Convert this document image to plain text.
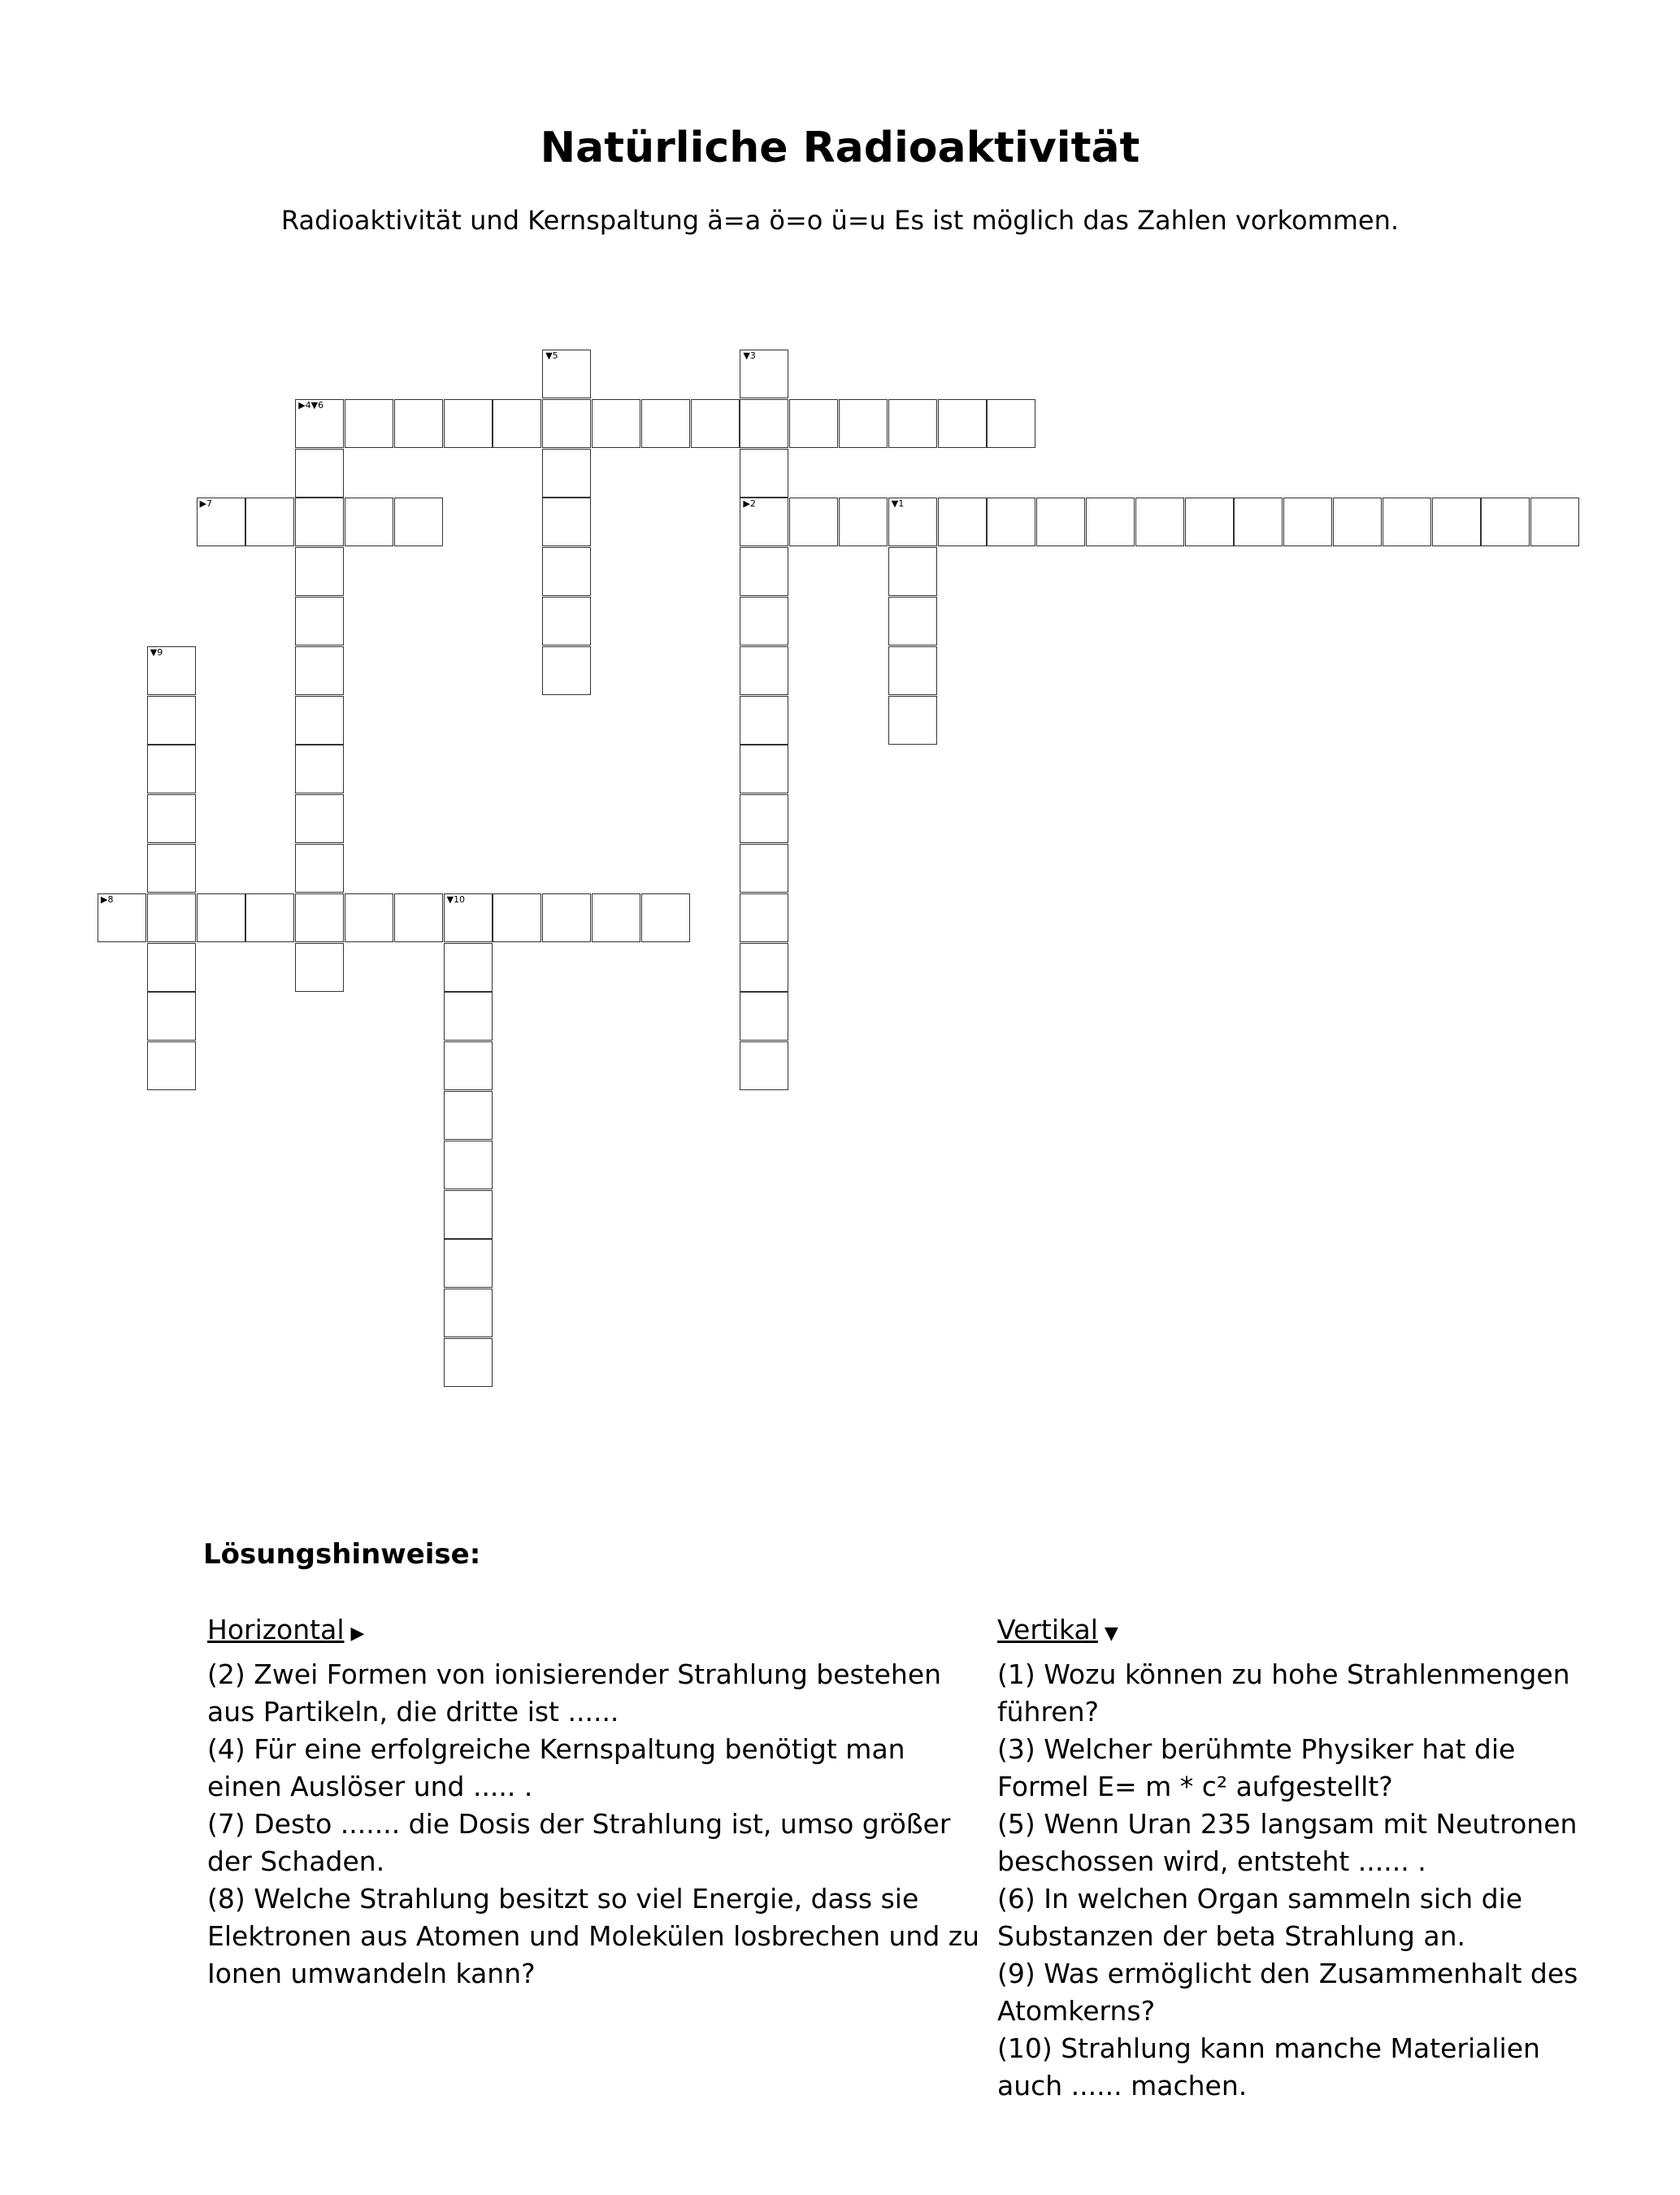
Natürliche Radioaktivität
Radioaktivität und Kernspaltung ä=a ö=o ü=u Es ist möglich das Zahlen vorkommen.
▼5	▼3
▶2
▶4▼6
▶7	▼1
▼9
▶8	▼10
Lösungshinweise:
Horizontal ▶

(2) Zwei Formen von ionisierender Strahlung bestehen aus Partikeln, die dritte ist ......

(4) Für eine erfolgreiche Kernspaltung benötigt man einen Auslöser und ..... .

(7) Desto ....... die Dosis der Strahlung ist, umso größer der Schaden.

(8) Welche Strahlung besitzt so viel Energie, dass sie Elektronen aus Atomen und Molekülen losbrechen und zu Ionen umwandeln kann?

Vertikal ▼

(1) Wozu können zu hohe Strahlenmengen führen?

(3) Welcher berühmte Physiker hat die Formel E= m * c² aufgestellt?

(5) Wenn Uran 235 langsam mit Neutronen beschossen wird, entsteht ...... .

(6) In welchen Organ sammeln sich die Substanzen der beta Strahlung an.

(9) Was ermöglicht den Zusammenhalt des Atomkerns?

(10) Strahlung kann manche Materialien auch ...... machen.
